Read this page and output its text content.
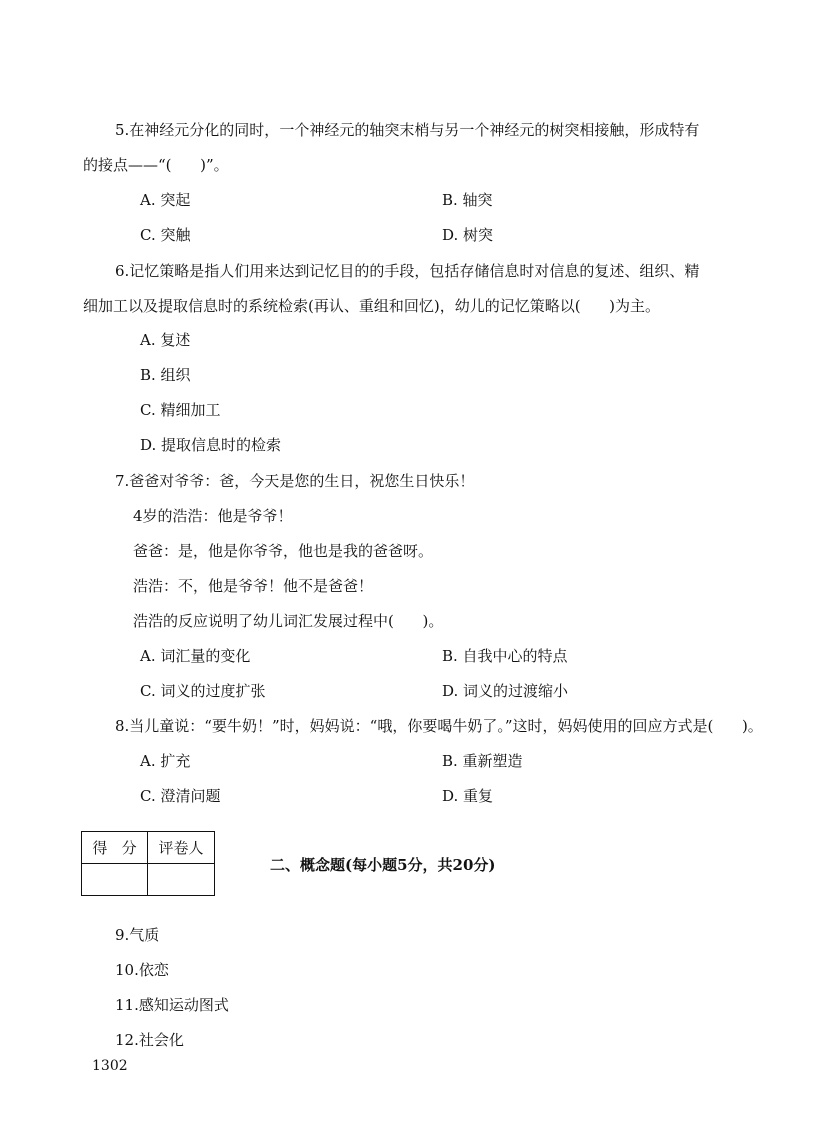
5.在神经元分化的同时，一个神经元的轴突末梢与另一个神经元的树突相接触，形成特有
的接点——“(      )”。
A. 突起	B. 轴突
C. 突触	D. 树突
6.记忆策略是指人们用来达到记忆目的的手段，包括存储信息时对信息的复述、组织、精
细加工以及提取信息时的系统检索(再认、重组和回忆)，幼儿的记忆策略以(      )为主。
A. 复述
B. 组织
C. 精细加工
D. 提取信息时的检索
7.爸爸对爷爷：爸，今天是您的生日，祝您生日快乐！
4岁的浩浩：他是爷爷！
爸爸：是，他是你爷爷，他也是我的爸爸呀。
浩浩：不，他是爷爷！他不是爸爸！
浩浩的反应说明了幼儿词汇发展过程中(      )。
A. 词汇量的变化	B. 自我中心的特点
C. 词义的过度扩张	D. 词义的过渡缩小
8.当儿童说：“要牛奶！”时，妈妈说：“哦，你要喝牛奶了。”这时，妈妈使用的回应方式是(      )。
A. 扩充	B. 重新塑造
C. 澄清问题	D. 重复
得   分	评卷人

二、概念题(每小题5分，共20分)
9.气质
10.依恋
11.感知运动图式
12.社会化
1302
